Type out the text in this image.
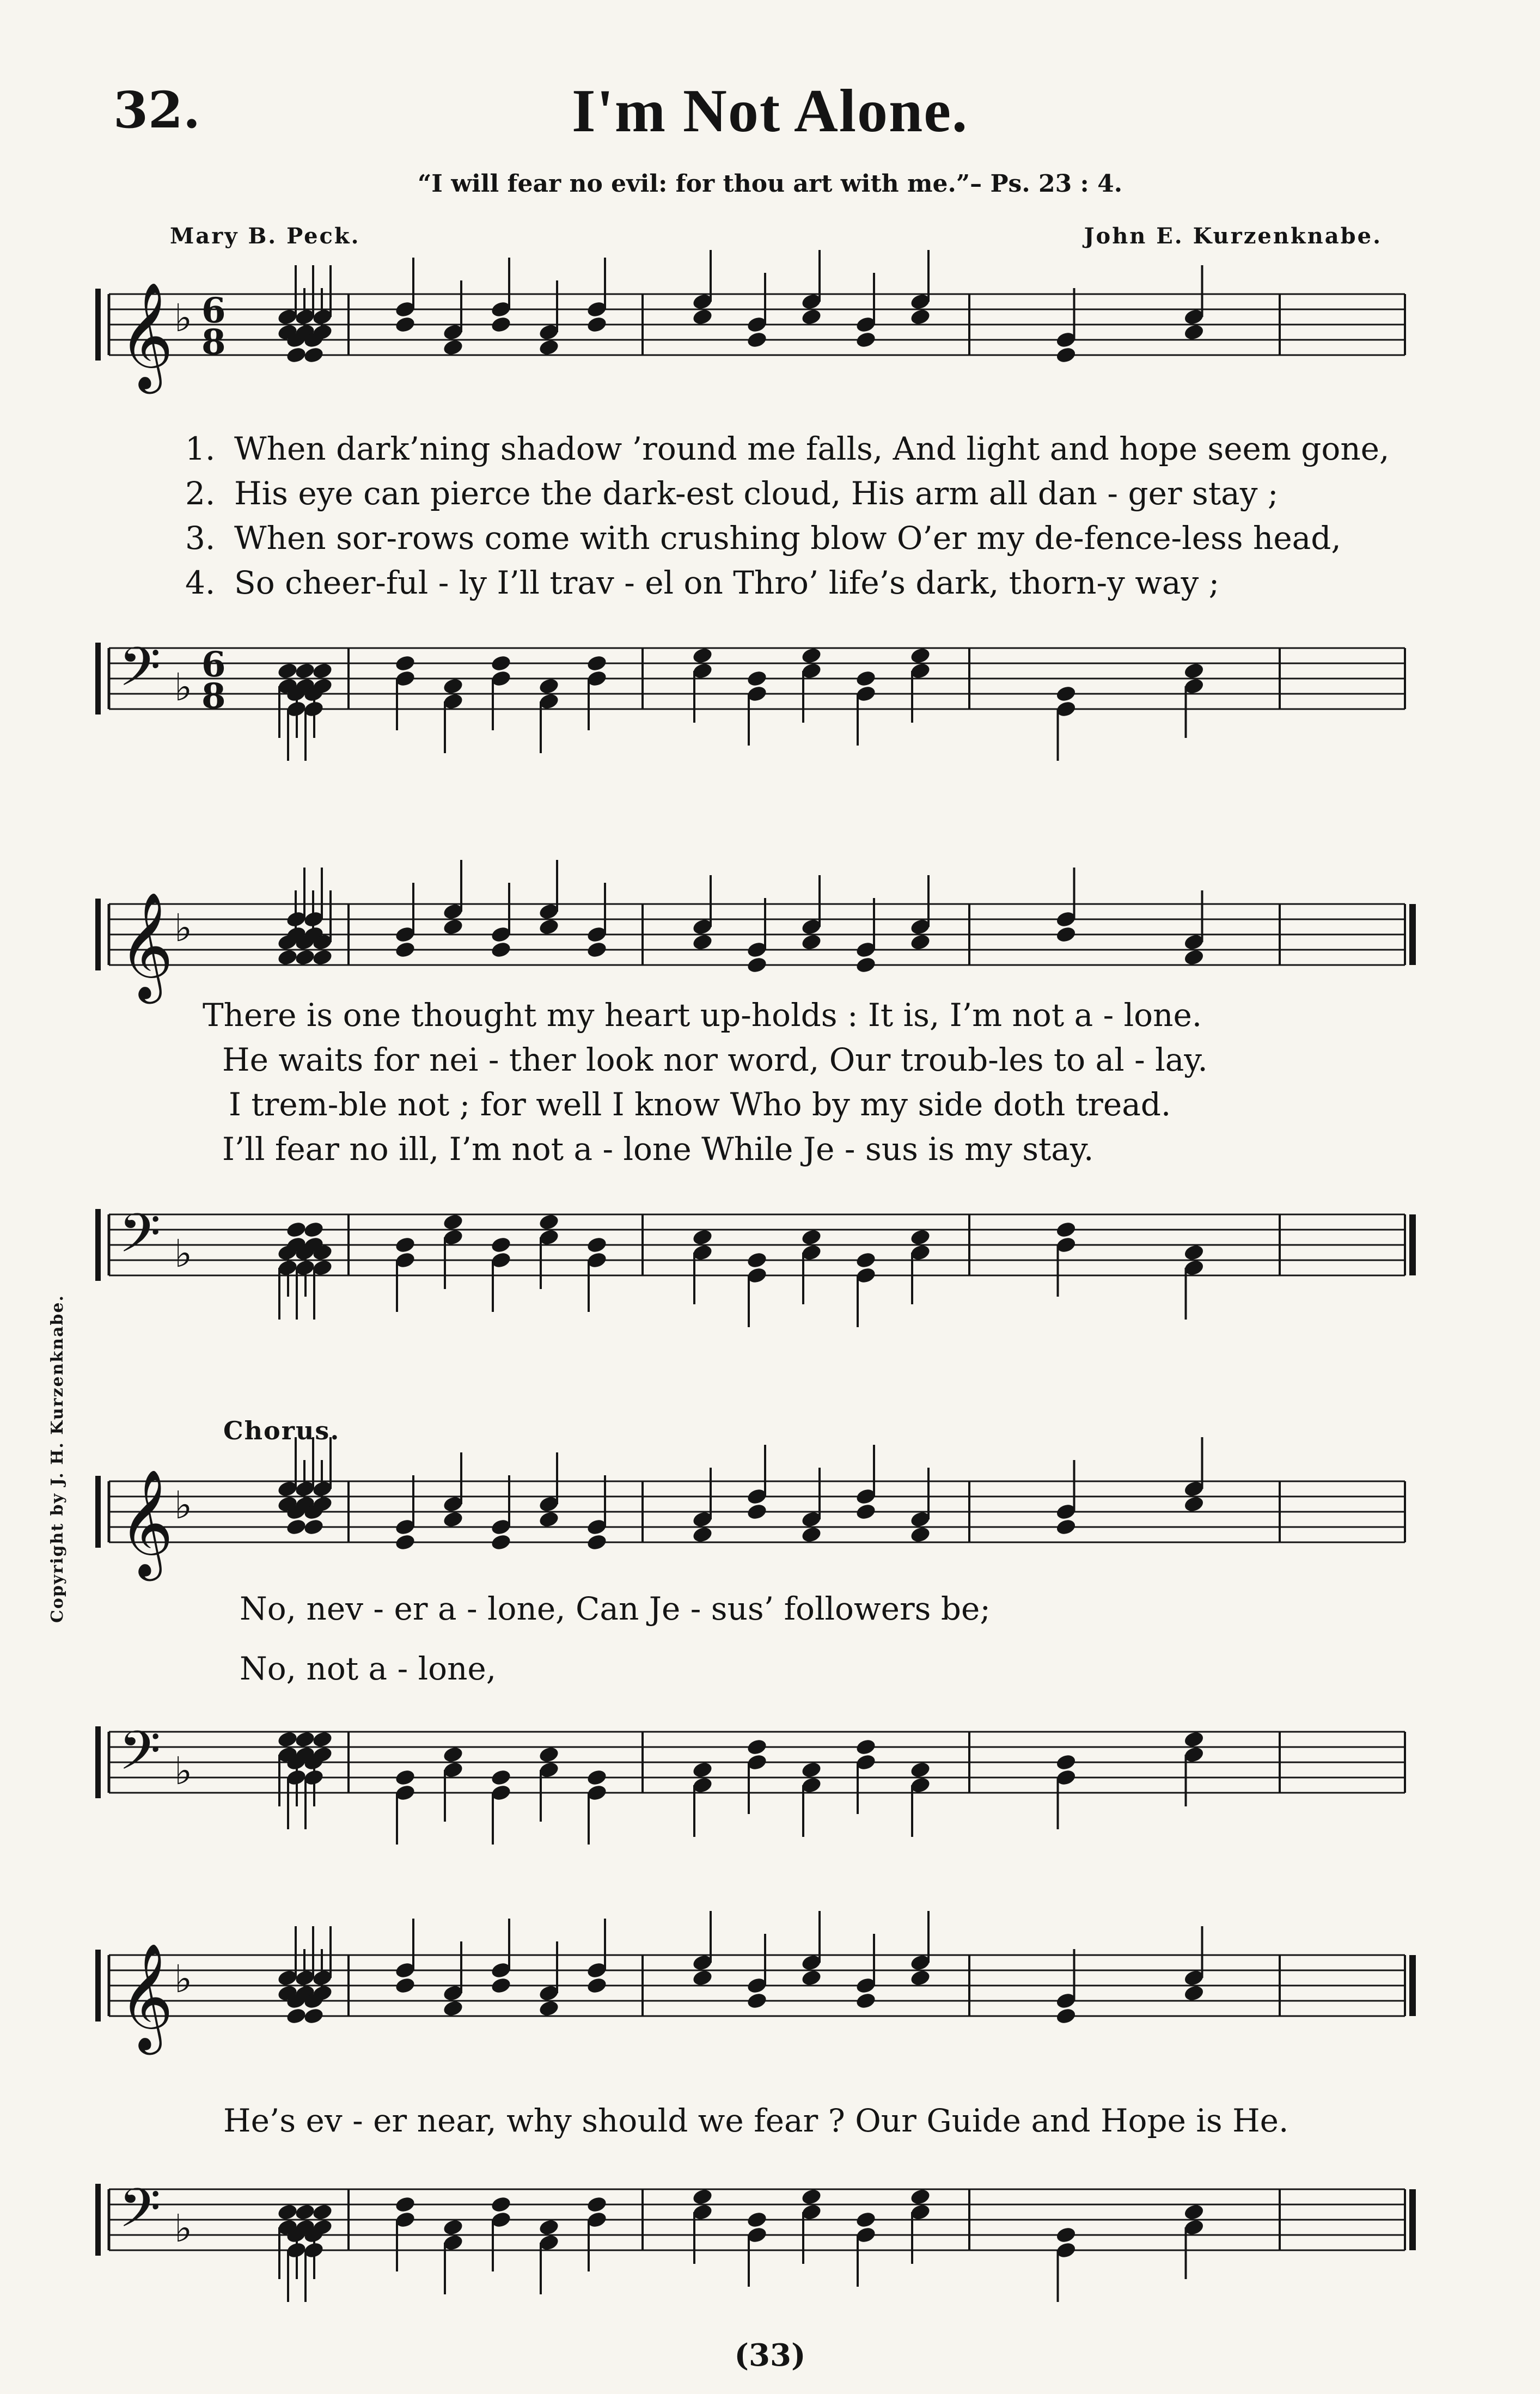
32.	I'm Not Alone.
“I will fear no evil: for thou art with me.”– Ps. 23 : 4.
Mary B. Peck.	John E. Kurzenknabe.
Copyright by J. H. Kurzenknabe.
𝄞 ♭ 6
8
1. When dark’ning shadow ’round me falls, And light and hope seem gone,
2. His eye can pierce the dark-est cloud, His arm all dan - ger stay ;
3. When sor-rows come with crushing blow O’er my de-fence-less head,
4. So cheer-ful - ly I’ll trav - el on Thro’ life’s dark, thorn-y way ;
𝄢 ♭
6
8
𝄞 ♭
There is one thought my heart up-holds : It is, I’m not a - lone.
He waits for nei - ther look nor word, Our troub-les to al - lay.
I trem-ble not ; for well I know Who by my side doth tread.
I’ll fear no ill, I’m not a - lone While Je - sus is my stay.
𝄢 ♭
Chorus.
𝄞 ♭
No, nev - er a - lone, Can Je - sus’ followers be;
No, not a - lone,
𝄢 ♭
𝄞 ♭
He’s ev - er near, why should we fear ? Our Guide and Hope is He.
𝄢 ♭
(33)
